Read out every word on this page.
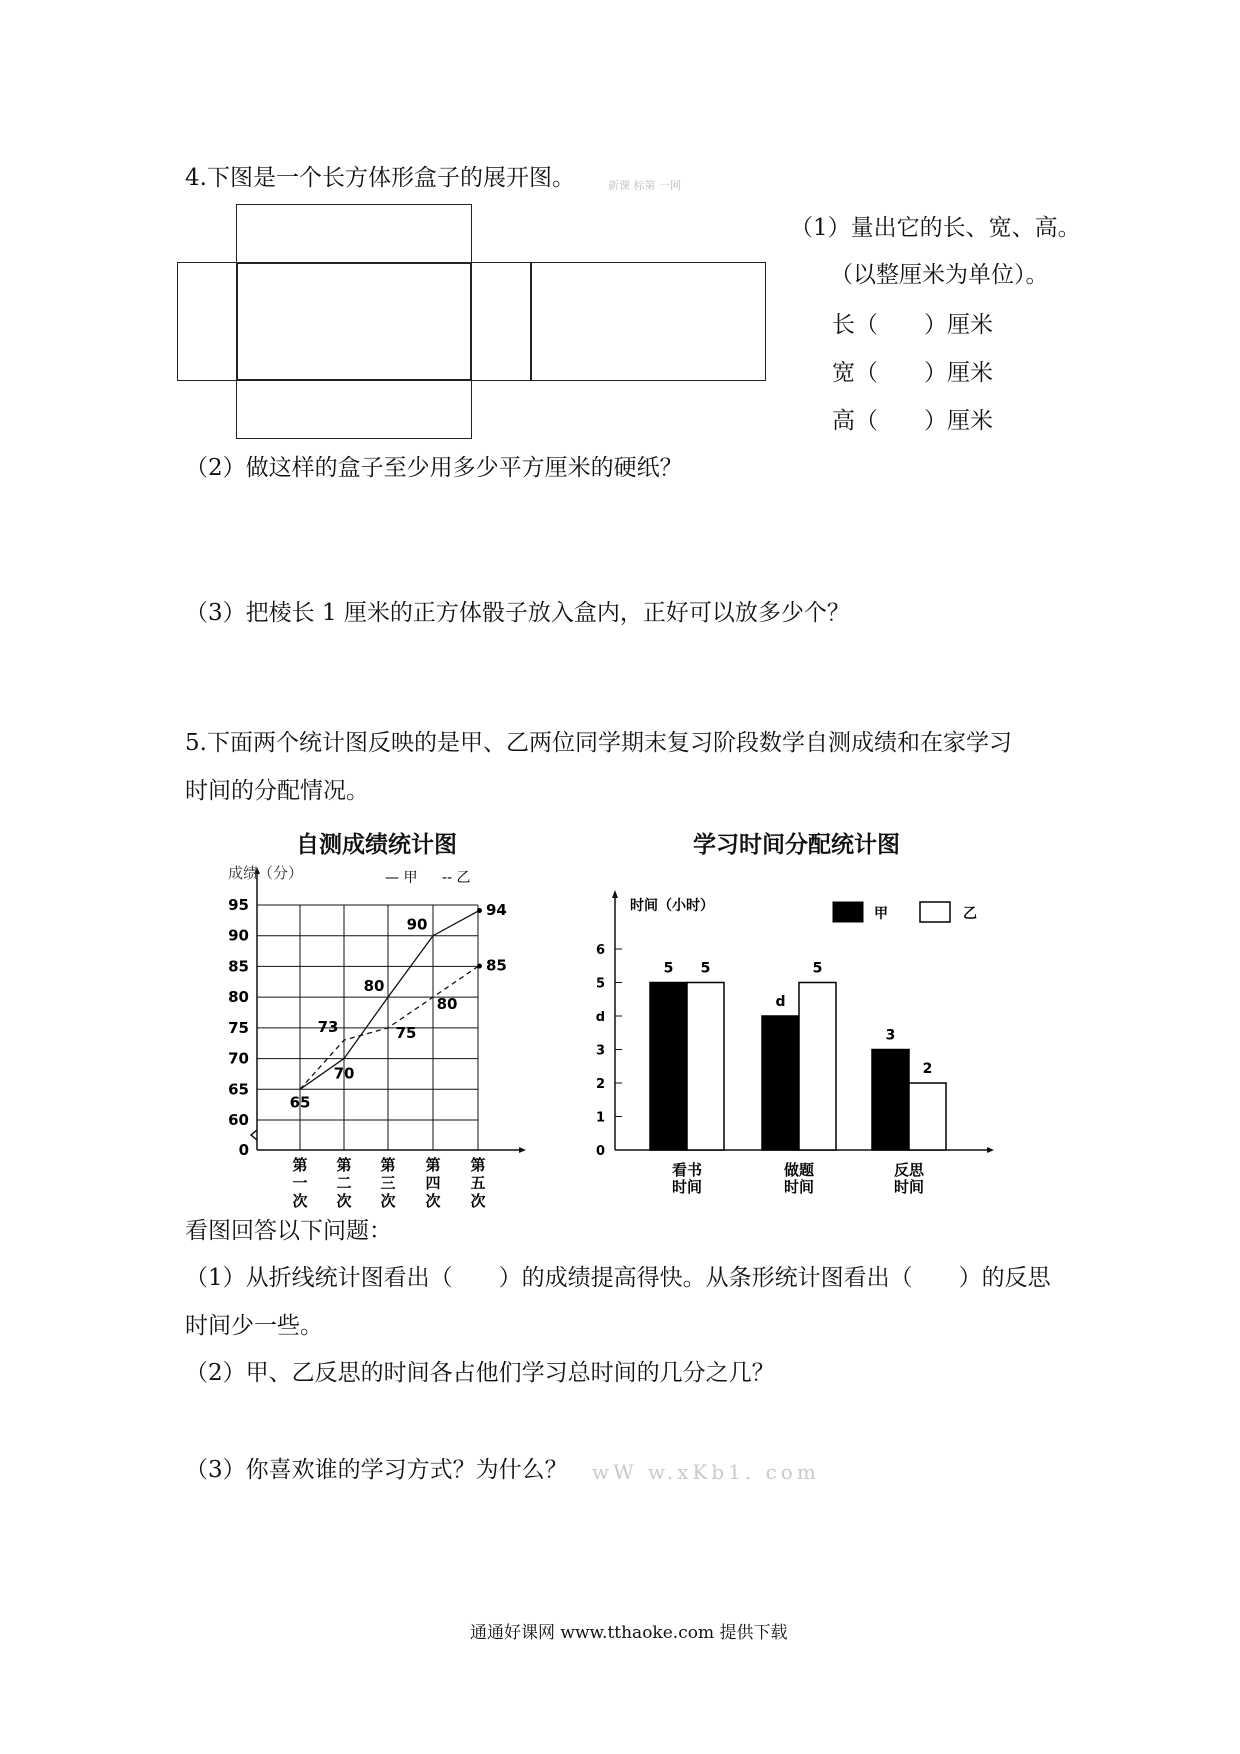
4.下图是一个长方体形盒子的展开图。	新课 标第 一网
（1）量出它的长、宽、高。
（以整厘米为单位）。
长（　　）厘米
宽（　　）厘米
高（　　）厘米
（2）做这样的盒子至少用多少平方厘米的硬纸？
（3）把棱长 1 厘米的正方体骰子放入盒内，正好可以放多少个？
5.下面两个统计图反映的是甲、乙两位同学期末复习阶段数学自测成绩和在家学习
时间的分配情况。
自测成绩统计图
成绩（分）
0
60
65
70
75
80
85
90
95
第一次
第二次
第三次
第四次
第五次
— 甲 -- 乙
•
•
65
70
80
90
94
73	75
80
85
学习时间分配统计图
时间（小时）
0
1
2
3
d
5
6
甲	乙
5 5
看书时间
d
5
做题时间
3
2
反思时间
看图回答以下问题：
（1）从折线统计图看出（　　）的成绩提高得快。从条形统计图看出（　　）的反思
时间少一些。
（2）甲、乙反思的时间各占他们学习总时间的几分之几？
（3）你喜欢谁的学习方式？为什么？ wW w.xKb1. com
通通好课网 www.tthaoke.com 提供下载
